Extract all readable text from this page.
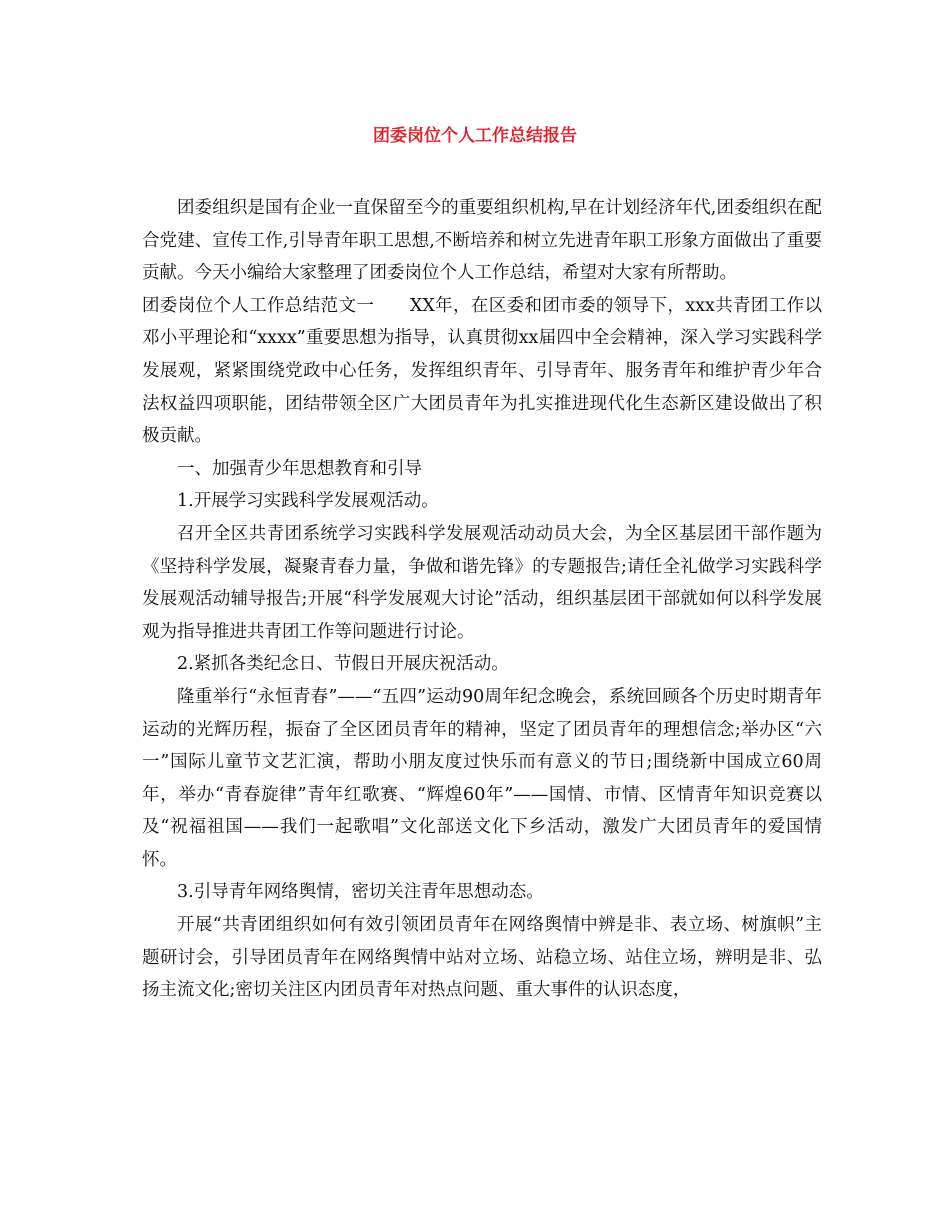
团委岗位个人工作总结报告

团委组织是国有企业一直保留至今的重要组织机构,早在计划经济年代,团委组织在配合党建、宣传工作,引导青年职工思想,不断培养和树立先进青年职工形象方面做出了重要贡献。今天小编给大家整理了团委岗位个人工作总结，希望对大家有所帮助。

团委岗位个人工作总结范文一　　XX年，在区委和团市委的领导下，xxx共青团工作以邓小平理论和“xxxx”重要思想为指导，认真贯彻xx届四中全会精神，深入学习实践科学发展观，紧紧围绕党政中心任务，发挥组织青年、引导青年、服务青年和维护青少年合法权益四项职能，团结带领全区广大团员青年为扎实推进现代化生态新区建设做出了积极贡献。

一、加强青少年思想教育和引导

1.开展学习实践科学发展观活动。

召开全区共青团系统学习实践科学发展观活动动员大会，为全区基层团干部作题为《坚持科学发展，凝聚青春力量，争做和谐先锋》的专题报告;请任全礼做学习实践科学发展观活动辅导报告;开展“科学发展观大讨论”活动，组织基层团干部就如何以科学发展观为指导推进共青团工作等问题进行讨论。

2.紧抓各类纪念日、节假日开展庆祝活动。

隆重举行“永恒青春”——“五四”运动90周年纪念晚会，系统回顾各个历史时期青年运动的光辉历程，振奋了全区团员青年的精神，坚定了团员青年的理想信念;举办区“六一”国际儿童节文艺汇演，帮助小朋友度过快乐而有意义的节日;围绕新中国成立60周年，举办“青春旋律”青年红歌赛、“辉煌60年”——国情、市情、区情青年知识竞赛以及“祝福祖国——我们一起歌唱”文化部送文化下乡活动，激发广大团员青年的爱国情怀。

3.引导青年网络舆情，密切关注青年思想动态。

开展“共青团组织如何有效引领团员青年在网络舆情中辨是非、表立场、树旗帜”主题研讨会，引导团员青年在网络舆情中站对立场、站稳立场、站住立场，辨明是非、弘扬主流文化;密切关注区内团员青年对热点问题、重大事件的认识态度，
